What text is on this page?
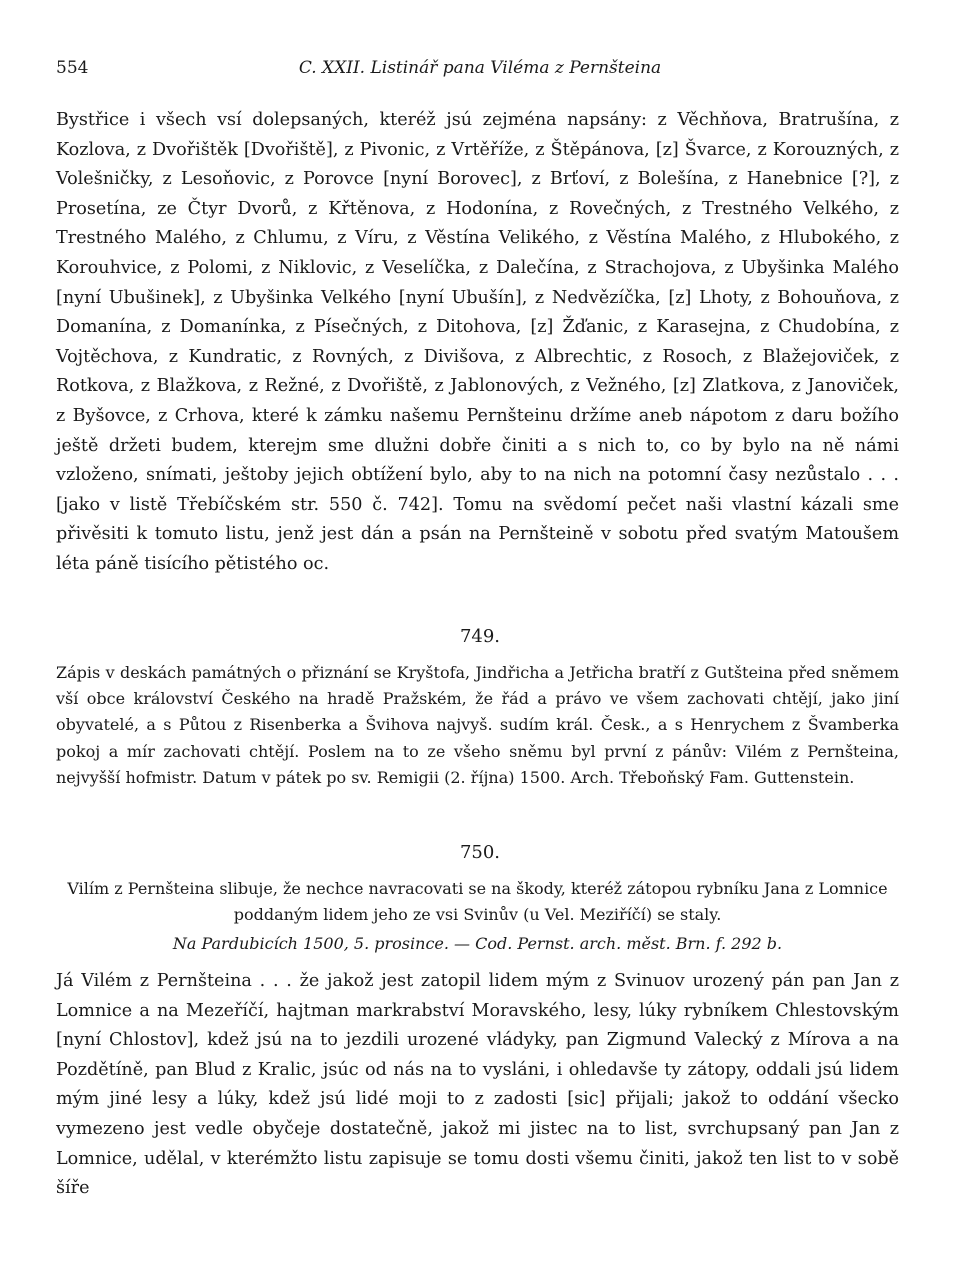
554	C. XXII. Listinář pana Viléma z Pernšteina

Bystřice i všech vsí dolepsaných, kteréž jsú zejména napsány: z Věchňova, Bratrušína, z Kozlova, z Dvořištěk [Dvořiště], z Pivonic, z Vrtěříže, z Štěpánova, [z] Švarce, z Korouzných, z Volešničky, z Lesoňovic, z Porovce [nyní Borovec], z Brťoví, z Bolešína, z Hanebnice [?], z Prosetína, ze Čtyr Dvorů, z Křtěnova, z Hodonína, z Rovečných, z Trestného Velkého, z Trestného Malého, z Chlumu, z Víru, z Věstína Velikého, z Věstína Malého, z Hlubokého, z Korouhvice, z Polomi, z Niklovic, z Veselíčka, z Dalečína, z Strachojova, z Ubyšinka Malého [nyní Ubušinek], z Ubyšinka Velkého [nyní Ubušín], z Nedvězíčka, [z] Lhoty, z Bohouňova, z Domanína, z Domanínka, z Písečných, z Ditohova, [z] Žďanic, z Karasejna, z Chudobína, z Vojtěchova, z Kundratic, z Rovných, z Divišova, z Albrechtic, z Rosoch, z Blažejoviček, z Rotkova, z Blažkova, z Režné, z Dvořiště, z Jablonových, z Vežného, [z] Zlatkova, z Janoviček, z Byšovce, z Crhova, které k zámku našemu Pernšteinu držíme aneb nápotom z daru božího ještě držeti budem, kterejm sme dlužni dobře činiti a s nich to, co by bylo na ně námi vzloženo, snímati, ještoby jejich obtížení bylo, aby to na nich na potomní časy nezůstalo . . . [jako v listě Třebíčském str. 550 č. 742]. Tomu na svědomí pečet naši vlastní kázali sme přivěsiti k tomuto listu, jenž jest dán a psán na Pernšteině v sobotu před svatým Matoušem léta páně tisícího pětistého oc.

749.

Zápis v deskách památných o přiznání se Kryštofa, Jindřicha a Jetřicha bratří z Gutšteina před sněmem vší obce království Českého na hradě Pražském, že řád a právo ve všem zachovati chtějí, jako jiní obyvatelé, a s Půtou z Risenberka a Švihova najvyš. sudím král. Česk., a s Henrychem z Švamberka pokoj a mír zachovati chtějí. Poslem na to ze všeho sněmu byl první z pánův: Vilém z Pernšteina, nejvyšší hofmistr. Datum v pátek po sv. Remigii (2. října) 1500. Arch. Třeboňský Fam. Guttenstein.

750.

Vilím z Pernšteina slibuje, že nechce navracovati se na škody, kteréž zátopou rybníku Jana z Lomnice poddaným lidem jeho ze vsi Svinův (u Vel. Meziříčí) se staly.

Na Pardubicích 1500, 5. prosince. — Cod. Pernst. arch. měst. Brn. f. 292 b.

Já Vilém z Pernšteina . . . že jakož jest zatopil lidem mým z Svinuov urozený pán pan Jan z Lomnice a na Mezeříčí, hajtman markrabství Moravského, lesy, lúky rybníkem Chlestovským [nyní Chlostov], kdež jsú na to jezdili urozené vládyky, pan Zigmund Valecký z Mírova a na Pozdětíně, pan Blud z Kralic, jsúc od nás na to vysláni, i ohledavše ty zátopy, oddali jsú lidem mým jiné lesy a lúky, kdež jsú lidé moji to z zadosti [sic] přijali; jakož to oddání všecko vymezeno jest vedle obyčeje dostatečně, jakož mi jistec na to list, svrchupsaný pan Jan z Lomnice, udělal, v kterémžto listu zapisuje se tomu dosti všemu činiti, jakož ten list to v sobě šíře
